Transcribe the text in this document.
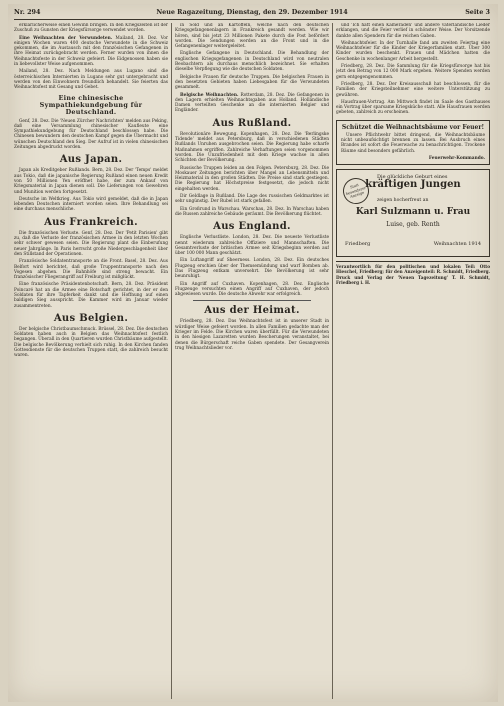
Nr. 294	Neue Ragazeitung, Dienstag, den 29. Dezember 1914	Seite 3

erklärlicherweise einen Gewinn bringen. In den Kriegszeiten ist der Zuschuß zu Gunsten der Kriegsfürsorge verwendet worden.

Eine Weihnachten der Verwundeten. Mailand, 28. Dez. Vor einigen Wochen waren 400 deutsche Verwundete in die Schweiz gekommen, die im Austausch mit den französischen Gefangenen in ihre Heimat zurückgebracht werden. Ferner wurden von ihnen die Weihnachtsfeste in der Schweiz gefeiert. Die Eidgenossen haben sie in liebevollster Weise aufgenommen.

Mailand, 28. Dez. Nach Meldungen aus Lugano sind die österreichischen Internierten in Lugano sehr gut untergebracht und werden von den Einwohnern freundlich behandelt. Sie feierten das Weihnachtsfest mit Gesang und Gebet.

Eine chinesische Sympathiekundgebung für Deutschland.

Genf, 28. Dez. Die 'Neuen Zürcher Nachrichten' melden aus Peking, daß eine Versammlung chinesischer Kaufleute eine Sympathiekundgebung für Deutschland beschlossen habe. Die Chinesen bewundern den deutschen Kampf gegen die Übermacht und wünschen Deutschland den Sieg. Der Aufruf ist in vielen chinesischen Zeitungen abgedruckt worden.

Aus Japan.

Japan als Kreditgeber Rußlands. Bern, 28. Dez. Der 'Temps' meldet aus Tokio, daß die japanische Regierung Rußland einen neuen Kredit von 50 Millionen Yen eröffnet habe, der zum Ankauf von Kriegsmaterial in Japan dienen soll. Die Lieferungen von Gewehren und Munition werden fortgesetzt.

Deutsche im Weltkrieg. Aus Tokio wird gemeldet, daß die in Japan lebenden Deutschen interniert worden seien. Ihre Behandlung sei eine durchaus menschliche.

Aus Frankreich.

Die französischen Verluste. Genf, 28. Dez. Der 'Petit Parisien' gibt zu, daß die Verluste der französischen Armee in den letzten Wochen sehr schwer gewesen seien. Die Regierung plant die Einberufung neuer Jahrgänge. In Paris herrscht große Niedergeschlagenheit über den Stillstand der Operationen.

Französische Soldatentransporte an die Front. Basel, 28. Dez. Aus Belfort wird berichtet, daß große Truppentransporte nach den Vogesen abgehen. Die Bahnhöfe sind streng bewacht. Ein französischer Fliegerangriff auf Freiburg ist mißglückt.

Eine französische Präsidentenbotschaft. Bern, 28. Dez. Präsident Poincaré hat an die Armee eine Botschaft gerichtet, in der er den Soldaten für ihre Tapferkeit dankt und die Hoffnung auf einen baldigen Sieg ausspricht. Die Kammer wird im Januar wieder zusammentreten.

Aus Belgien.

Der belgische Christbaumschmuck. Brüssel, 28. Dez. Die deutschen Soldaten haben auch in Belgien das Weihnachtsfest festlich begangen. Überall in den Quartieren wurden Christbäume aufgestellt. Die belgische Bevölkerung verhielt sich ruhig. In den Kirchen fanden Gottesdienste für die deutschen Truppen statt, die zahlreich besucht waren.

in Sold und an Kartoffeln, welche nach den deutschen Kriegsgefangenenlagern in Frankreich gesandt werden. Wie wir hören, sind bis jetzt 23 Millionen Pakete durch die Post befördert worden. Die Sendungen werden an die Front und in die Gefangenenlager weitergeleitet.

Englische Gefangene in Deutschland. Die Behandlung der englischen Kriegsgefangenen in Deutschland wird von neutralen Beobachtern als durchaus menschlich bezeichnet. Sie erhalten dieselbe Verpflegung wie die deutschen Soldaten.

Belgische Frauen für deutsche Truppen. Die belgischen Frauen in den besetzten Gebieten haben Liebesgaben für die Verwundeten gesammelt.

Belgische Weihnachten. Rotterdam, 28. Dez. Die Gefangenen in den Lagern erhielten Weihnachtsgaben aus Holland. Holländische Damen verteilten Geschenke an die internierten Belgier und Engländer.

Aus Rußland.

Revolutionäre Bewegung. Kopenhagen, 28. Dez. Die 'Berlingske Tidende' meldet aus Petersburg, daß in verschiedenen Städten Rußlands Unruhen ausgebrochen seien. Die Regierung habe scharfe Maßnahmen ergriffen. Zahlreiche Verhaftungen seien vorgenommen worden. Die Unzufriedenheit mit dem Kriege wachse in allen Schichten der Bevölkerung.

Russische Truppen leiden an den Folgen. Petersburg, 28. Dez. Die Moskauer Zeitungen berichten über Mangel an Lebensmitteln und Heizmaterial in den großen Städten. Die Preise sind stark gestiegen. Die Regierung hat Höchstpreise festgesetzt, die jedoch nicht eingehalten werden.

Dir Geldlage in Rußland. Die Lage des russischen Geldmarktes ist sehr ungünstig. Der Rubel ist stark gefallen.

Ein Großrund in Warschau. Warschau, 28. Dez. In Warschau haben die Russen zahlreiche Gebäude geräumt. Die Bevölkerung flüchtet.

Aus England.

Englische Verlustliste. London, 28. Dez. Die neueste Verlustliste nennt wiederum zahlreiche Offiziere und Mannschaften. Die Gesamtverluste der britischen Armee seit Kriegsbeginn werden auf über 100 000 Mann geschätzt.

Ein Luftangriff auf Sheerness. London, 28. Dez. Ein deutsches Flugzeug erschien über der Themsemündung und warf Bomben ab. Das Flugzeug entkam unversehrt. Die Bevölkerung ist sehr beunruhigt.

Ein Angriff auf Cuxhaven. Kopenhagen, 28. Dez. Englische Flugzeuge versuchten einen Angriff auf Cuxhaven, der jedoch abgewiesen wurde. Die deutsche Abwehr war erfolgreich.

Aus der Heimat.

Friedberg, 28. Dez. Das Weihnachtsfest ist in unserer Stadt in würdiger Weise gefeiert worden. In allen Familien gedachte man der Krieger im Felde. Die Kirchen waren überfüllt. Für die Verwundeten in den hiesigen Lazaretten wurden Bescherungen veranstaltet, bei denen die Bürgerschaft reiche Gaben spendete. Der Gesangverein trug Weihnachtslieder vor.

und 'Ich hatt einen Kameraden' und andere vaterländische Lieder erklangen, und die Feier verlief in schönster Weise. Der Vorsitzende dankte allen Spendern für die reichen Gaben.

Weihnachtsfeier. In der Turnhalle fand am zweiten Feiertag eine Weihnachtsfeier für die Kinder der Kriegerfamilien statt. Über 300 Kinder wurden beschenkt. Frauen und Mädchen hatten die Geschenke in wochenlanger Arbeit hergestellt.

Friedberg, 28. Dez. Die Sammlung für die Kriegsfürsorge hat bis jetzt den Betrag von 12 000 Mark ergeben. Weitere Spenden werden gern entgegengenommen.

Friedberg, 28. Dez. Der Kreisausschuß hat beschlossen, für die Familien der Kriegsteilnehmer eine weitere Unterstützung zu gewähren.

Hausfrauen-Vortrag. Am Mittwoch findet im Saale des Gasthauses ein Vortrag über sparsame Kriegsküche statt. Alle Hausfrauen werden gebeten, zahlreich zu erscheinen.

Schützet die Weihnachtsbäume vor Feuer!

Unsere Pflichtwehr bittet dringend, die Weihnachtsbäume nicht unbeaufsichtigt brennen zu lassen. Bei Ausbruch eines Brandes ist sofort die Feuerwache zu benachrichtigen. Trockene Bäume sind besonders gefährlich.

Feuerwehr-Kommando.
Statt besonderer Anzeige
Die glückliche Geburt eines
kräftigen Jungen
zeigen hocherfreut an
Karl Sulzmann u. Frau
Luise, geb. Renth
Friedberg	Weihnachten 1914
Verantwortlich für den politischen und lokalen Teil: Otto Hieschel, Friedberg; für den Anzeigenteil: R. Schmidt, Friedberg. Druck und Verlag der 'Neuen Tagezeitung' T. H. Schmidt, Friedberg i. H.
